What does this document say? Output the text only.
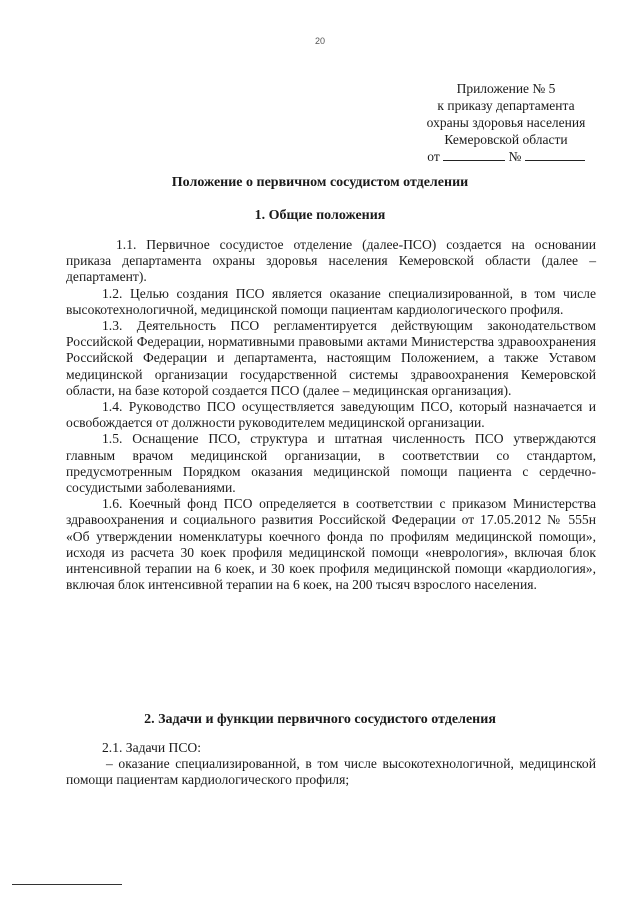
20
Приложение № 5
к приказу департамента
охраны здоровья населения
Кемеровской области
от	№
Положение о первичном сосудистом отделении
1. Общие положения

1.1. Первичное сосудистое отделение (далее-ПСО) создается на основании приказа департамента охраны здоровья населения Кемеровской области (далее – департамент).

1.2. Целью создания ПСО является оказание специализированной, в том числе высокотехнологичной, медицинской помощи пациентам кардиологического профиля.

1.3. Деятельность ПСО регламентируется действующим законодательством Российской Федерации, нормативными правовыми актами Министерства здравоохранения Российской Федерации и департамента, настоящим Положением, а также Уставом медицинской организации государственной системы здравоохранения Кемеровской области, на базе которой создается ПСО (далее – медицинская организация).

1.4. Руководство ПСО осуществляется заведующим ПСО, который назначается и освобождается от должности руководителем медицинской организации.

1.5. Оснащение ПСО, структура и штатная численность ПСО утверждаются главным врачом медицинской организации, в соответствии со стандартом, предусмотренным Порядком оказания медицинской помощи пациента с сердечно-сосудистыми заболеваниями.

1.6. Коечный фонд ПСО определяется в соответствии с приказом Министерства здравоохранения и социального развития Российской Федерации от 17.05.2012 № 555н «Об утверждении номенклатуры коечного фонда по профилям медицинской помощи», исходя из расчета 30 коек профиля медицинской помощи «неврология», включая блок интенсивной терапии на 6 коек, и 30 коек профиля медицинской помощи «кардиология», включая блок интенсивной терапии на 6 коек, на 200 тысяч взрослого населения.

2. Задачи и функции первичного сосудистого отделения

2.1. Задачи ПСО:

– оказание специализированной, в том числе высокотехнологичной, медицинской помощи пациентам кардиологического профиля;
